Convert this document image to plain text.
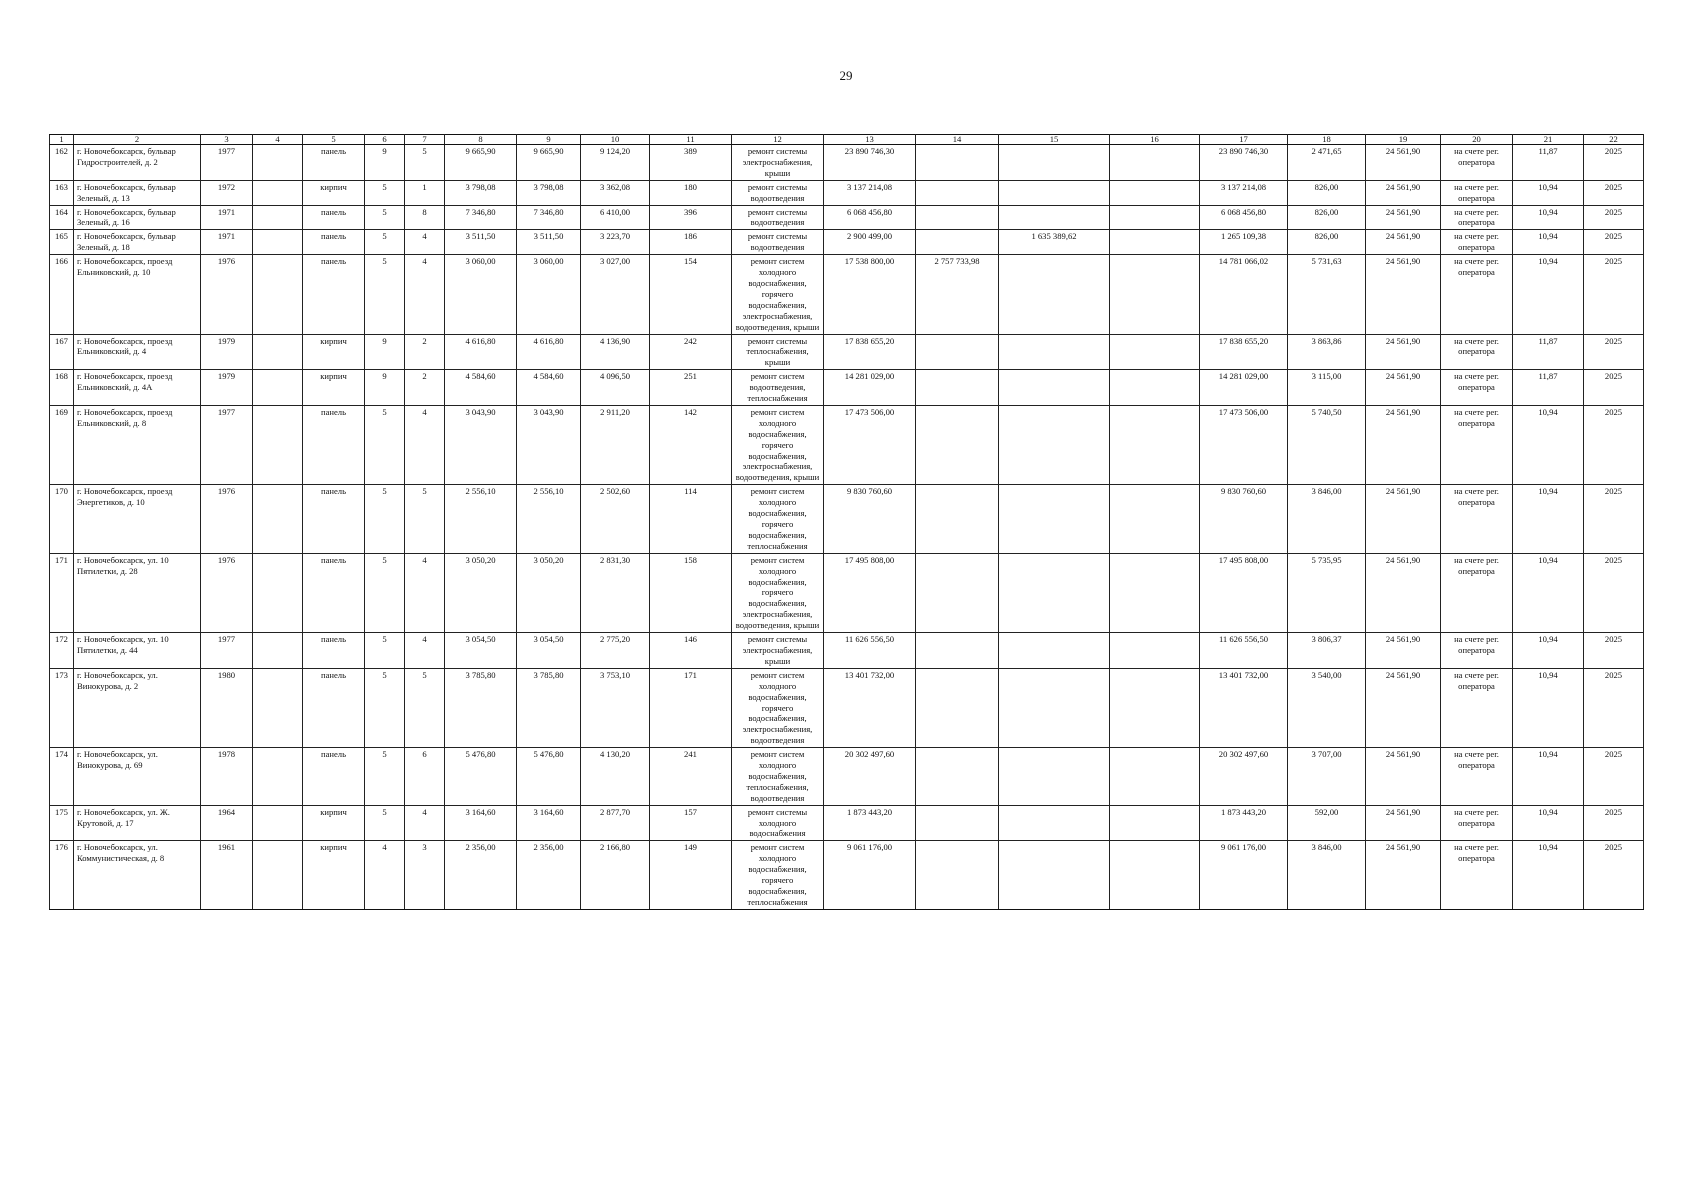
29
1	2	3	4	5	6	7	8	9	10	11	12	13	14	15	16	17	18	19	20	21	22
162	г. Новочебоксарск, бульвар Гидростроителей, д. 2	1977		панель	9	5	9 665,90	9 665,90	9 124,20	389	ремонт системы электроснабжения, крыши	23 890 746,30				23 890 746,30	2 471,65	24 561,90	на счете рег. оператора	11,87	2025
163	г. Новочебоксарск, бульвар Зеленый, д. 13	1972		кирпич	5	1	3 798,08	3 798,08	3 362,08	180	ремонт системы водоотведения	3 137 214,08				3 137 214,08	826,00	24 561,90	на счете рег. оператора	10,94	2025
164	г. Новочебоксарск, бульвар Зеленый, д. 16	1971		панель	5	8	7 346,80	7 346,80	6 410,00	396	ремонт системы водоотведения	6 068 456,80				6 068 456,80	826,00	24 561,90	на счете рег. оператора	10,94	2025
165	г. Новочебоксарск, бульвар Зеленый, д. 18	1971		панель	5	4	3 511,50	3 511,50	3 223,70	186	ремонт системы водоотведения	2 900 499,00		1 635 389,62		1 265 109,38	826,00	24 561,90	на счете рег. оператора	10,94	2025
166	г. Новочебоксарск, проезд Ельниковский, д. 10	1976		панель	5	4	3 060,00	3 060,00	3 027,00	154	ремонт систем холодного водоснабжения, горячего водоснабжения, электроснабжения, водоотведения, крыши	17 538 800,00	2 757 733,98			14 781 066,02	5 731,63	24 561,90	на счете рег. оператора	10,94	2025
167	г. Новочебоксарск, проезд Ельниковский, д. 4	1979		кирпич	9	2	4 616,80	4 616,80	4 136,90	242	ремонт системы теплоснабжения, крыши	17 838 655,20				17 838 655,20	3 863,86	24 561,90	на счете рег. оператора	11,87	2025
168	г. Новочебоксарск, проезд Ельниковский, д. 4А	1979		кирпич	9	2	4 584,60	4 584,60	4 096,50	251	ремонт систем водоотведения, теплоснабжения	14 281 029,00				14 281 029,00	3 115,00	24 561,90	на счете рег. оператора	11,87	2025
169	г. Новочебоксарск, проезд Ельниковский, д. 8	1977		панель	5	4	3 043,90	3 043,90	2 911,20	142	ремонт систем холодного водоснабжения, горячего водоснабжения, электроснабжения, водоотведения, крыши	17 473 506,00				17 473 506,00	5 740,50	24 561,90	на счете рег. оператора	10,94	2025
170	г. Новочебоксарск, проезд Энергетиков, д. 10	1976		панель	5	5	2 556,10	2 556,10	2 502,60	114	ремонт систем холодного водоснабжения, горячего водоснабжения, теплоснабжения	9 830 760,60				9 830 760,60	3 846,00	24 561,90	на счете рег. оператора	10,94	2025
171	г. Новочебоксарск, ул. 10 Пятилетки, д. 28	1976		панель	5	4	3 050,20	3 050,20	2 831,30	158	ремонт систем холодного водоснабжения, горячего водоснабжения, электроснабжения, водоотведения, крыши	17 495 808,00				17 495 808,00	5 735,95	24 561,90	на счете рег. оператора	10,94	2025
172	г. Новочебоксарск, ул. 10 Пятилетки, д. 44	1977		панель	5	4	3 054,50	3 054,50	2 775,20	146	ремонт системы электроснабжения, крыши	11 626 556,50				11 626 556,50	3 806,37	24 561,90	на счете рег. оператора	10,94	2025
173	г. Новочебоксарск, ул. Винокурова, д. 2	1980		панель	5	5	3 785,80	3 785,80	3 753,10	171	ремонт систем холодного водоснабжения, горячего водоснабжения, электроснабжения, водоотведения	13 401 732,00				13 401 732,00	3 540,00	24 561,90	на счете рег. оператора	10,94	2025
174	г. Новочебоксарск, ул. Винокурова, д. 69	1978		панель	5	6	5 476,80	5 476,80	4 130,20	241	ремонт систем холодного водоснабжения, теплоснабжения, водоотведения	20 302 497,60				20 302 497,60	3 707,00	24 561,90	на счете рег. оператора	10,94	2025
175	г. Новочебоксарск, ул. Ж. Крутовой, д. 17	1964		кирпич	5	4	3 164,60	3 164,60	2 877,70	157	ремонт системы холодного водоснабжения	1 873 443,20				1 873 443,20	592,00	24 561,90	на счете рег. оператора	10,94	2025
176	г. Новочебоксарск, ул. Коммунистическая, д. 8	1961		кирпич	4	3	2 356,00	2 356,00	2 166,80	149	ремонт систем холодного водоснабжения, горячего водоснабжения, теплоснабжения	9 061 176,00				9 061 176,00	3 846,00	24 561,90	на счете рег. оператора	10,94	2025
